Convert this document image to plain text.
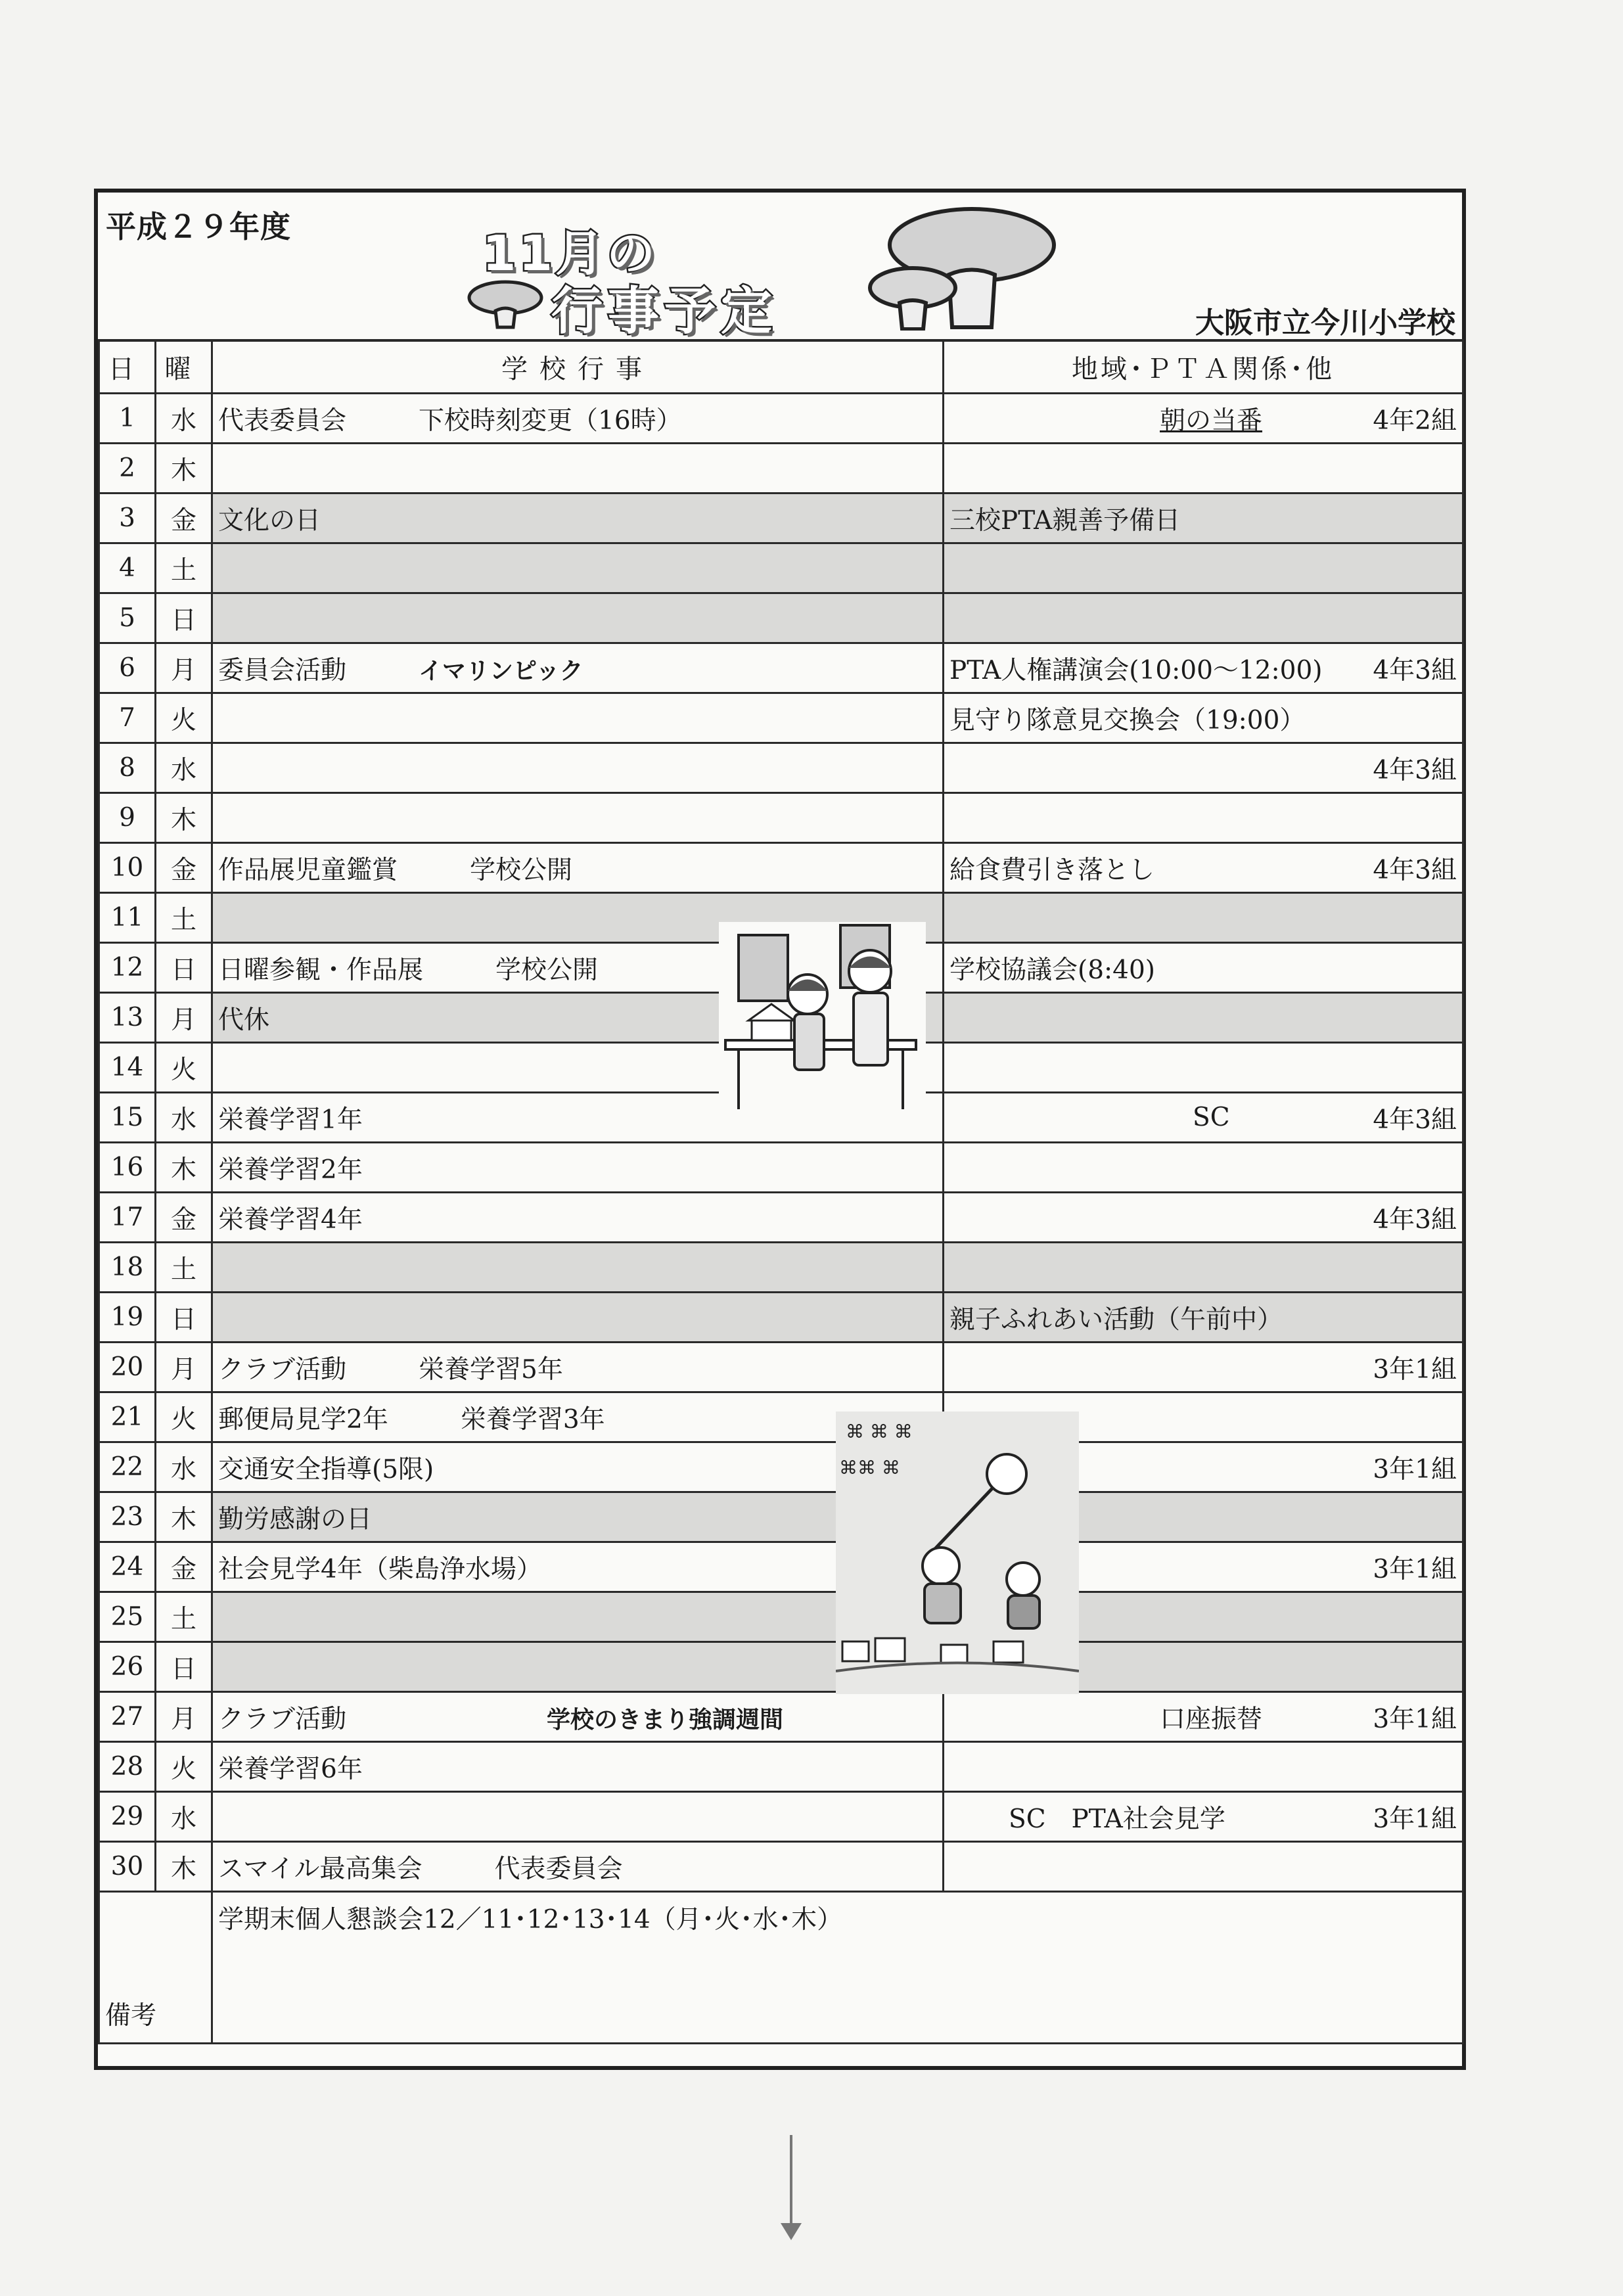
平成２９年度	11月の
行事予定	大阪市立今川小学校
日	曜	学校行事	地域･ＰＴＡ関係･他
1	水	代表委員会 下校時刻変更（16時）	朝の当番 4年2組

2	木		

3	金	文化の日	三校PTA親善予備日

4	土		

5	日		

6	月	委員会活動 イマリンピック	PTA人権講演会(10:00～12:00) 4年3組

7	火		見守り隊意見交換会（19:00）

8	水		4年3組

9	木		

10	金	作品展児童鑑賞 学校公開	給食費引き落とし 4年3組

11	土		

12	日	日曜参観・作品展 学校公開	学校協議会(8:40)

13	月	代休	

14	火		

15	水	栄養学習1年	SC 4年3組

16	木	栄養学習2年	

17	金	栄養学習4年	4年3組

18	土		

19	日		親子ふれあい活動（午前中）

20	月	クラブ活動 栄養学習5年	3年1組

21	火	郵便局見学2年 栄養学習3年	

22	水	交通安全指導(5限)	3年1組

23	木	勤労感謝の日	

24	金	社会見学4年（柴島浄水場）	3年1組

25	土		

26	日		

27	月	クラブ活動 学校のきまり強調週間	口座振替 3年1組

28	火	栄養学習6年	

29	水		SC　PTA社会見学 3年1組

30	木	スマイル最高集会 代表委員会	

備考		学期末個人懇談会12／11･12･13･14（月･火･水･木）	
⌘ ⌘ ⌘
⌘⌘ ⌘
